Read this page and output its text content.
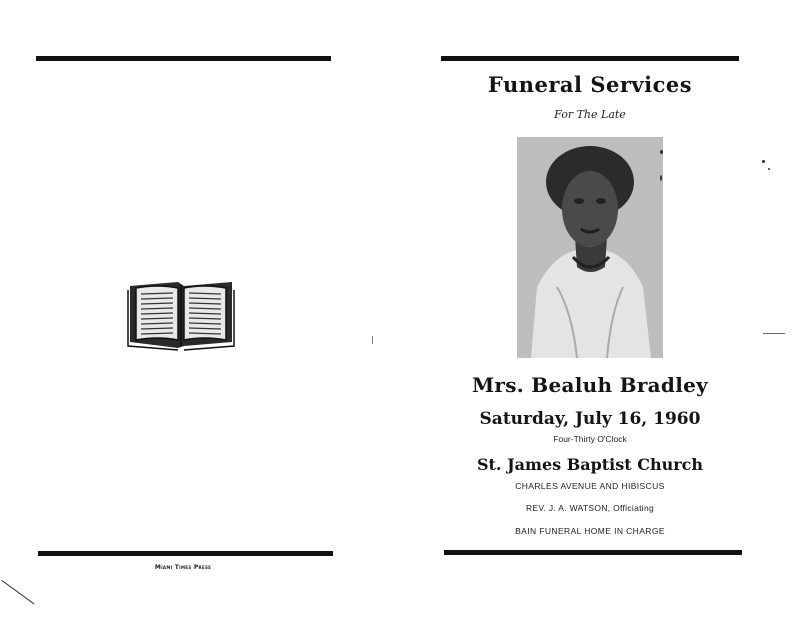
Miami Times Press
Funeral Services
For The Late
Mrs. Bealuh Bradley
Saturday, July 16, 1960
Four-Thirty O'Clock
St. James Baptist Church
CHARLES AVENUE AND HIBISCUS
REV. J. A. WATSON, Officiating
BAIN FUNERAL HOME IN CHARGE
